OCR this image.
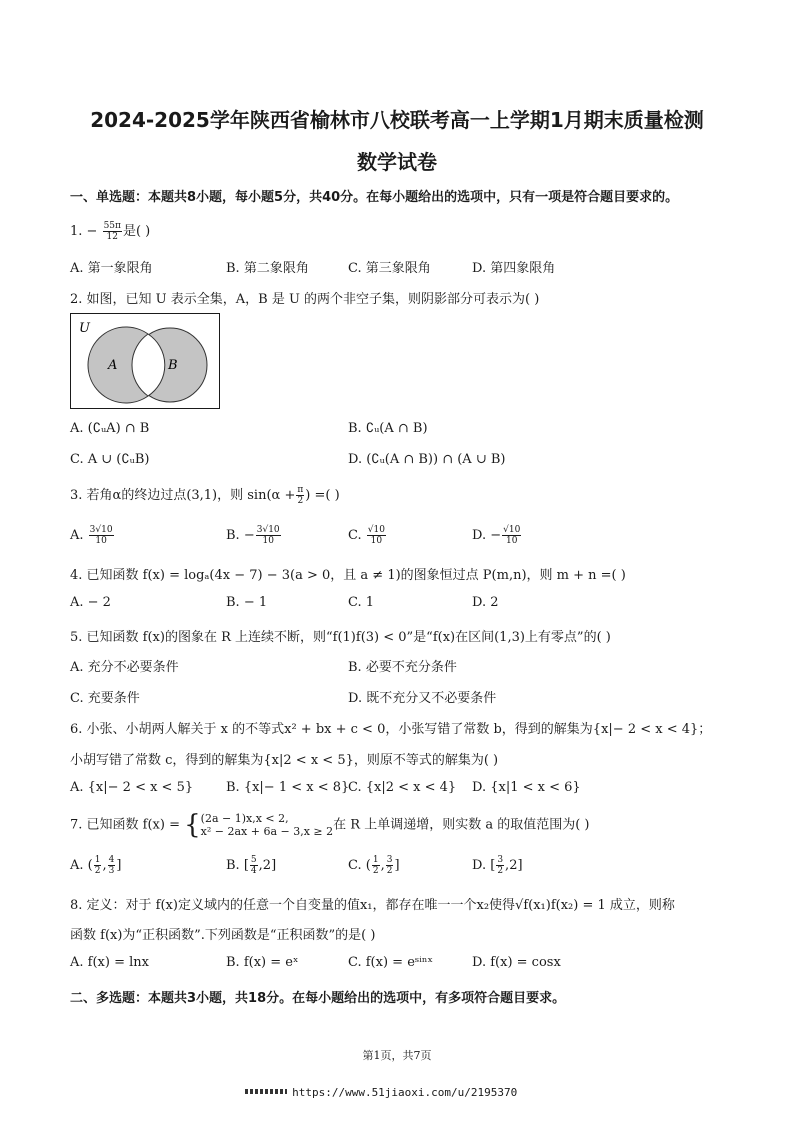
2024-2025学年陕西省榆林市八校联考高一上学期1月期末质量检测
数学试卷
一、单选题：本题共8小题，每小题5分，共40分。在每小题给出的选项中，只有一项是符合题目要求的。
1. − $\frac{55\pi}{12}$ 是( )
A. 第一象限角	B. 第二象限角	C. 第三象限角	D. 第四象限角
2. 如图，已知 U 表示全集，A，B 是 U 的两个非空子集，则阴影部分可表示为( )
U
A	B
A. (∁ᵤA) ∩ B	B. ∁ᵤ(A ∩ B)
C. A ∪ (∁ᵤB)	D. (∁ᵤ(A ∩ B)) ∩ (A ∪ B)
3. 若角α的终边过点(3,1)，则 $\sin(\alpha + \frac{\pi}{2}$ ) =( )
A. $\frac{3√10}{10}$	B. − $\frac{3√10}{10}$	C. $\frac{√10}{10}$	D. − $\frac{√10}{10}$
4. 已知函数 f(x) = logₐ(4x − 7) − 3(a > 0，且 a ≠ 1)的图象恒过点 P(m,n)，则 m + n =( )
A. − 2	B. − 1	C. 1	D. 2
5. 已知函数 f(x)的图象在 R 上连续不断，则“f(1)f(3) < 0”是“f(x)在区间(1,3)上有零点”的( )
A. 充分不必要条件	B. 必要不充分条件
C. 充要条件	D. 既不充分又不必要条件
6. 小张、小胡两人解关于 x 的不等式x² + bx + c < 0，小张写错了常数 b，得到的解集为{x|− 2 < x < 4}；
小胡写错了常数 c，得到的解集为{x|2 < x < 5}，则原不等式的解集为( )
A. {x|− 2 < x < 5}	B. {x|− 1 < x < 8}
C. {x|2 < x < 4} D. {x|1 < x < 6}
7. 已知函数 f(x) = { (2a − 1)x,x < 2,
x² − 2ax + 6a − 3,x ≥ 2 在 R 上单调递增，则实数 a 的取值范围为( )
A. ( $\frac{1}{2}$ , $\frac{4}{3}$ ]	B. [ $\frac{5}{4} ,2$]	C. ( $\frac{1}{2}$ , $\frac{3}{2}$ ]	D. [ $\frac{3}{2} ,2$]
8. 定义：对于 f(x)定义域内的任意一个自变量的值x₁，都存在唯一一个x₂使得√f(x₁)f(x₂) = 1 成立，则称
函数 f(x)为“正积函数”.下列函数是“正积函数”的是( )
A. f(x) = lnx	B. f(x) = eˣ	C. f(x) = eˢⁱⁿˣ	D. f(x) = cosx
二、多选题：本题共3小题，共18分。在每小题给出的选项中，有多项符合题目要求。
第1页，共7页
https://www.51jiaoxi.com/u/2195370
